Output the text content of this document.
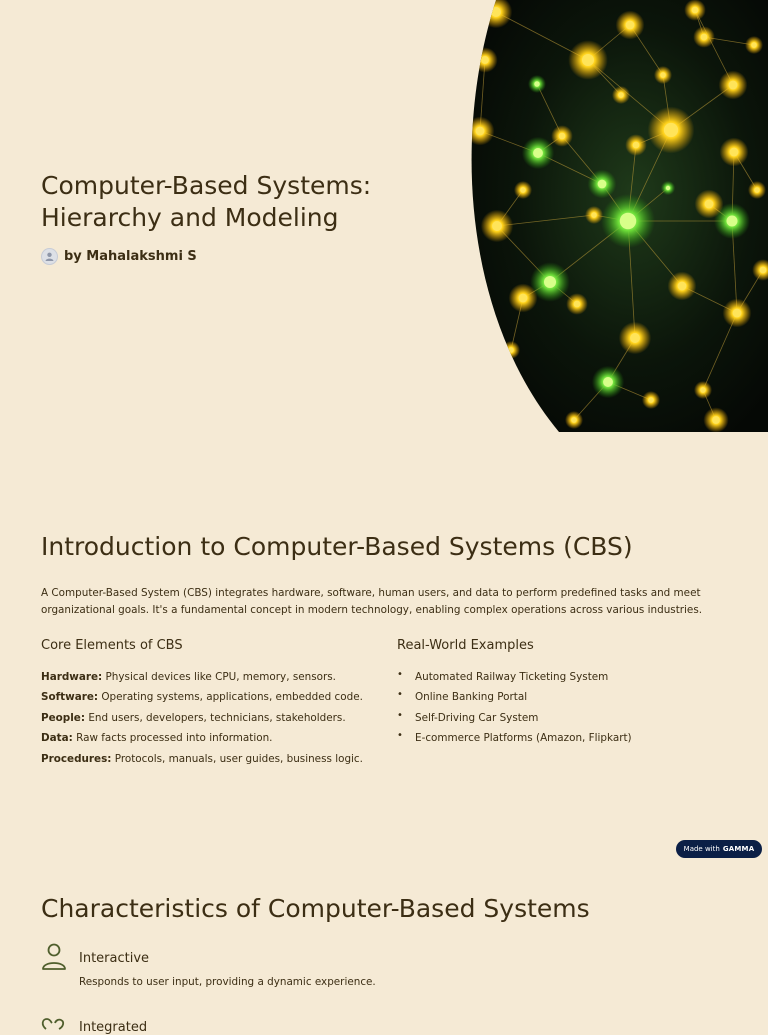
Computer-Based Systems: Hierarchy and Modeling
by Mahalakshmi S
Introduction to Computer-Based Systems (CBS)

A Computer-Based System (CBS) integrates hardware, software, human users, and data to perform predefined tasks and meet organizational goals. It's a fundamental concept in modern technology, enabling complex operations across various industries.

Core Elements of CBS
Hardware: Physical devices like CPU, memory, sensors.
Software: Operating systems, applications, embedded code.
People: End users, developers, technicians, stakeholders.
Data: Raw facts processed into information.
Procedures: Protocols, manuals, user guides, business logic.
Real-World Examples
• Automated Railway Ticketing System
• Online Banking Portal
• Self-Driving Car System
• E-commerce Platforms (Amazon, Flipkart)
Made with GAMMA
Characteristics of Computer-Based Systems
Interactive
Responds to user input, providing a dynamic experience.
Integrated
